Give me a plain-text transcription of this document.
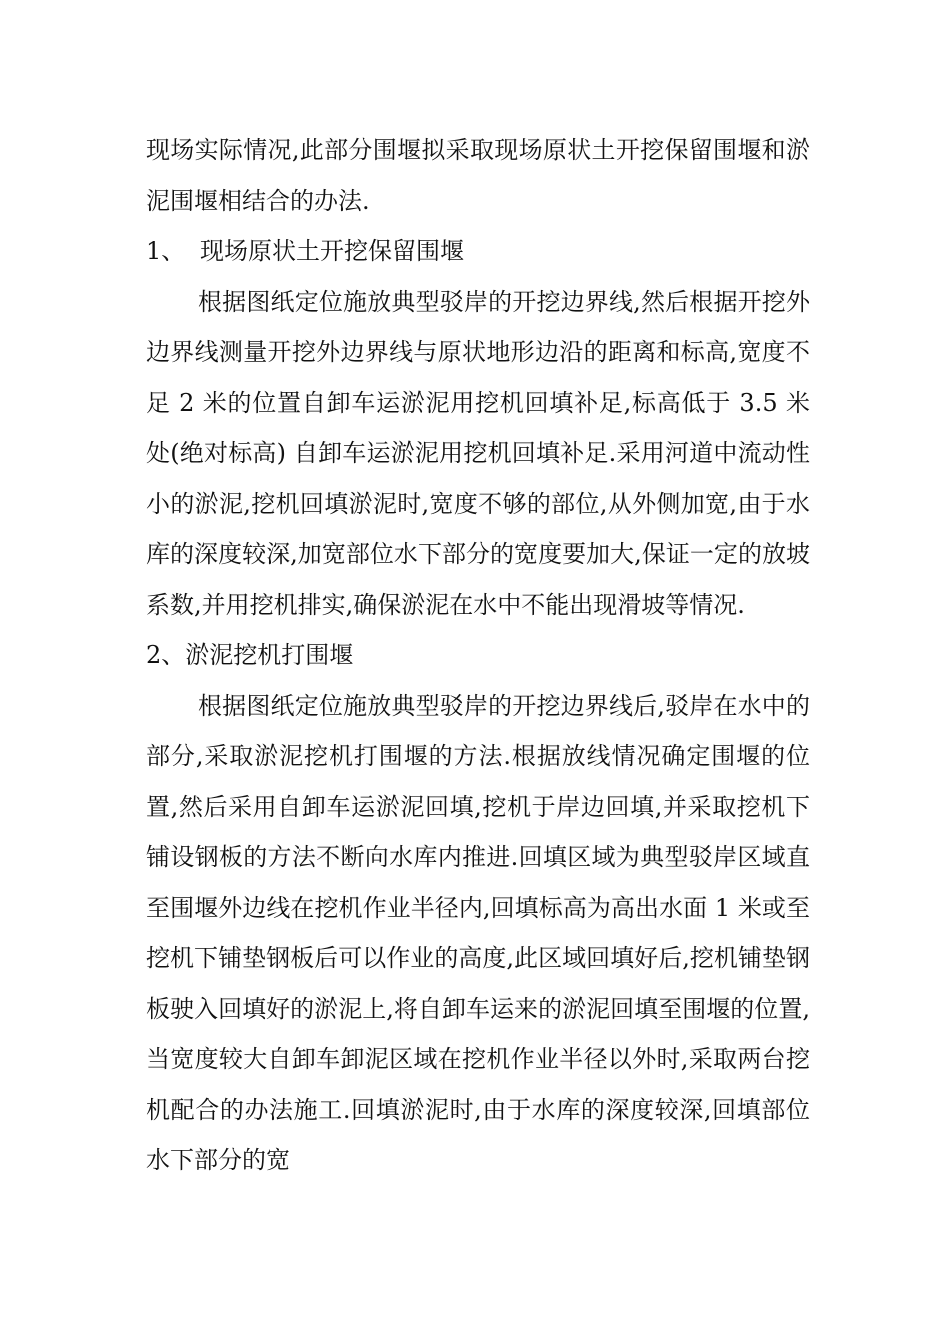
现场实际情况,此部分围堰拟采取现场原状土开挖保留围堰和淤泥围堰相结合的办法.

1、 现场原状土开挖保留围堰

根据图纸定位施放典型驳岸的开挖边界线,然后根据开挖外边界线测量开挖外边界线与原状地形边沿的距离和标高,宽度不足 2 米的位置自卸车运淤泥用挖机回填补足,标高低于 3.5 米处(绝对标高) 自卸车运淤泥用挖机回填补足.采用河道中流动性小的淤泥,挖机回填淤泥时,宽度不够的部位,从外侧加宽,由于水库的深度较深,加宽部位水下部分的宽度要加大,保证一定的放坡系数,并用挖机排实,确保淤泥在水中不能出现滑坡等情况.

2、淤泥挖机打围堰

根据图纸定位施放典型驳岸的开挖边界线后,驳岸在水中的部分,采取淤泥挖机打围堰的方法.根据放线情况确定围堰的位置,然后采用自卸车运淤泥回填,挖机于岸边回填,并采取挖机下铺设钢板的方法不断向水库内推进.回填区域为典型驳岸区域直至围堰外边线在挖机作业半径内,回填标高为高出水面 1 米或至挖机下铺垫钢板后可以作业的高度,此区域回填好后,挖机铺垫钢板驶入回填好的淤泥上,将自卸车运来的淤泥回填至围堰的位置,当宽度较大自卸车卸泥区域在挖机作业半径以外时,采取两台挖机配合的办法施工.回填淤泥时,由于水库的深度较深,回填部位水下部分的宽
